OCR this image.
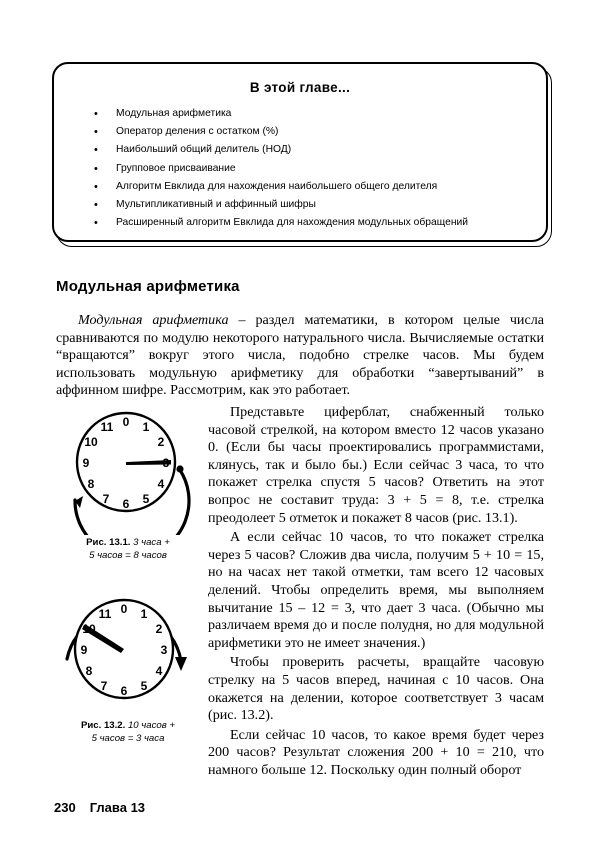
В этой главе...
• Модульная арифметика
• Оператор деления с остатком (%)
• Наибольший общий делитель (НОД)
• Групповое присваивание
• Алгоритм Евклида для нахождения наибольшего общего делителя
• Мультипликативный и аффинный шифры
• Расширенный алгоритм Евклида для нахождения модульных обращений
Модульная арифметика

Модульная арифметика – раздел математики, в котором целые числа сравниваются по модулю некоторого натурального числа. Вычисляемые остатки “вращаются” вокруг этого числа, подобно стрелке часов. Мы будем использовать модульную арифметику для обработки “завертываний” в аффинном шифре. Рассмотрим, как это работает.

0 1
2
3
4
5
6
7
8
9
10
11
Рис. 13.1. 3 часа +
5 часов = 8 часов
0 1
2
3
4
5
6
7
8
9
10
11
Рис. 13.2. 10 часов +
5 часов = 3 часа

Представьте циферблат, снабженный только часовой стрелкой, на котором вместо 12 часов указано 0. (Если бы часы проектировались программистами, клянусь, так и было бы.) Если сейчас 3 часа, то что покажет стрелка спустя 5 часов? Ответить на этот вопрос не составит труда: 3 + 5 = 8, т.е. стрелка преодолеет 5 отметок и покажет 8 часов (рис. 13.1).

А если сейчас 10 часов, то что покажет стрелка через 5 часов? Сложив два числа, получим 5 + 10 = 15, но на часах нет такой отметки, там всего 12 часовых делений. Чтобы определить время, мы выполняем вычитание 15 – 12 = 3, что дает 3 часа. (Обычно мы различаем время до и после полудня, но для модульной арифметики это не имеет значения.)

Чтобы проверить расчеты, вращайте часовую стрелку на 5 часов вперед, начиная с 10 часов. Она окажется на делении, которое соответствует 3 часам (рис. 13.2).

Если сейчас 10 часов, то какое время будет через 200 часов? Результат сложения 200 + 10 = 210, что намного больше 12. Поскольку один полный оборот

230 Глава 13
